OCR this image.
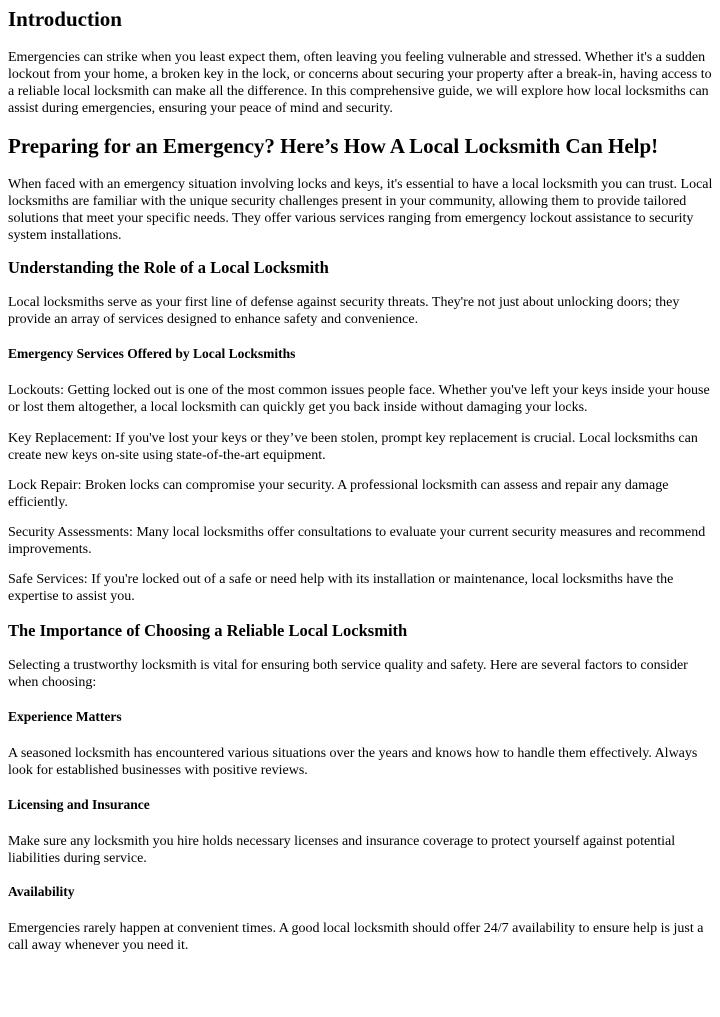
Introduction

Emergencies can strike when you least expect them, often leaving you feeling vulnerable and stressed. Whether it's a sudden lockout from your home, a broken key in the lock, or concerns about securing your property after a break-in, having access to a reliable local locksmith can make all the difference. In this comprehensive guide, we will explore how local locksmiths can assist during emergencies, ensuring your peace of mind and security.

Preparing for an Emergency? Here’s How A Local Locksmith Can Help!

When faced with an emergency situation involving locks and keys, it's essential to have a local locksmith you can trust. Local locksmiths are familiar with the unique security challenges present in your community, allowing them to provide tailored solutions that meet your specific needs. They offer various services ranging from emergency lockout assistance to security system installations.

Understanding the Role of a Local Locksmith

Local locksmiths serve as your first line of defense against security threats. They're not just about unlocking doors; they provide an array of services designed to enhance safety and convenience.

Emergency Services Offered by Local Locksmiths

Lockouts: Getting locked out is one of the most common issues people face. Whether you've left your keys inside your house or lost them altogether, a local locksmith can quickly get you back inside without damaging your locks.

Key Replacement: If you've lost your keys or they’ve been stolen, prompt key replacement is crucial. Local locksmiths can create new keys on-site using state-of-the-art equipment.

Lock Repair: Broken locks can compromise your security. A professional locksmith can assess and repair any damage efficiently.

Security Assessments: Many local locksmiths offer consultations to evaluate your current security measures and recommend improvements.

Safe Services: If you're locked out of a safe or need help with its installation or maintenance, local locksmiths have the expertise to assist you.

The Importance of Choosing a Reliable Local Locksmith

Selecting a trustworthy locksmith is vital for ensuring both service quality and safety. Here are several factors to consider when choosing:

Experience Matters

A seasoned locksmith has encountered various situations over the years and knows how to handle them effectively. Always look for established businesses with positive reviews.

Licensing and Insurance

Make sure any locksmith you hire holds necessary licenses and insurance coverage to protect yourself against potential liabilities during service.

Availability

Emergencies rarely happen at convenient times. A good local locksmith should offer 24/7 availability to ensure help is just a call away whenever you need it.
